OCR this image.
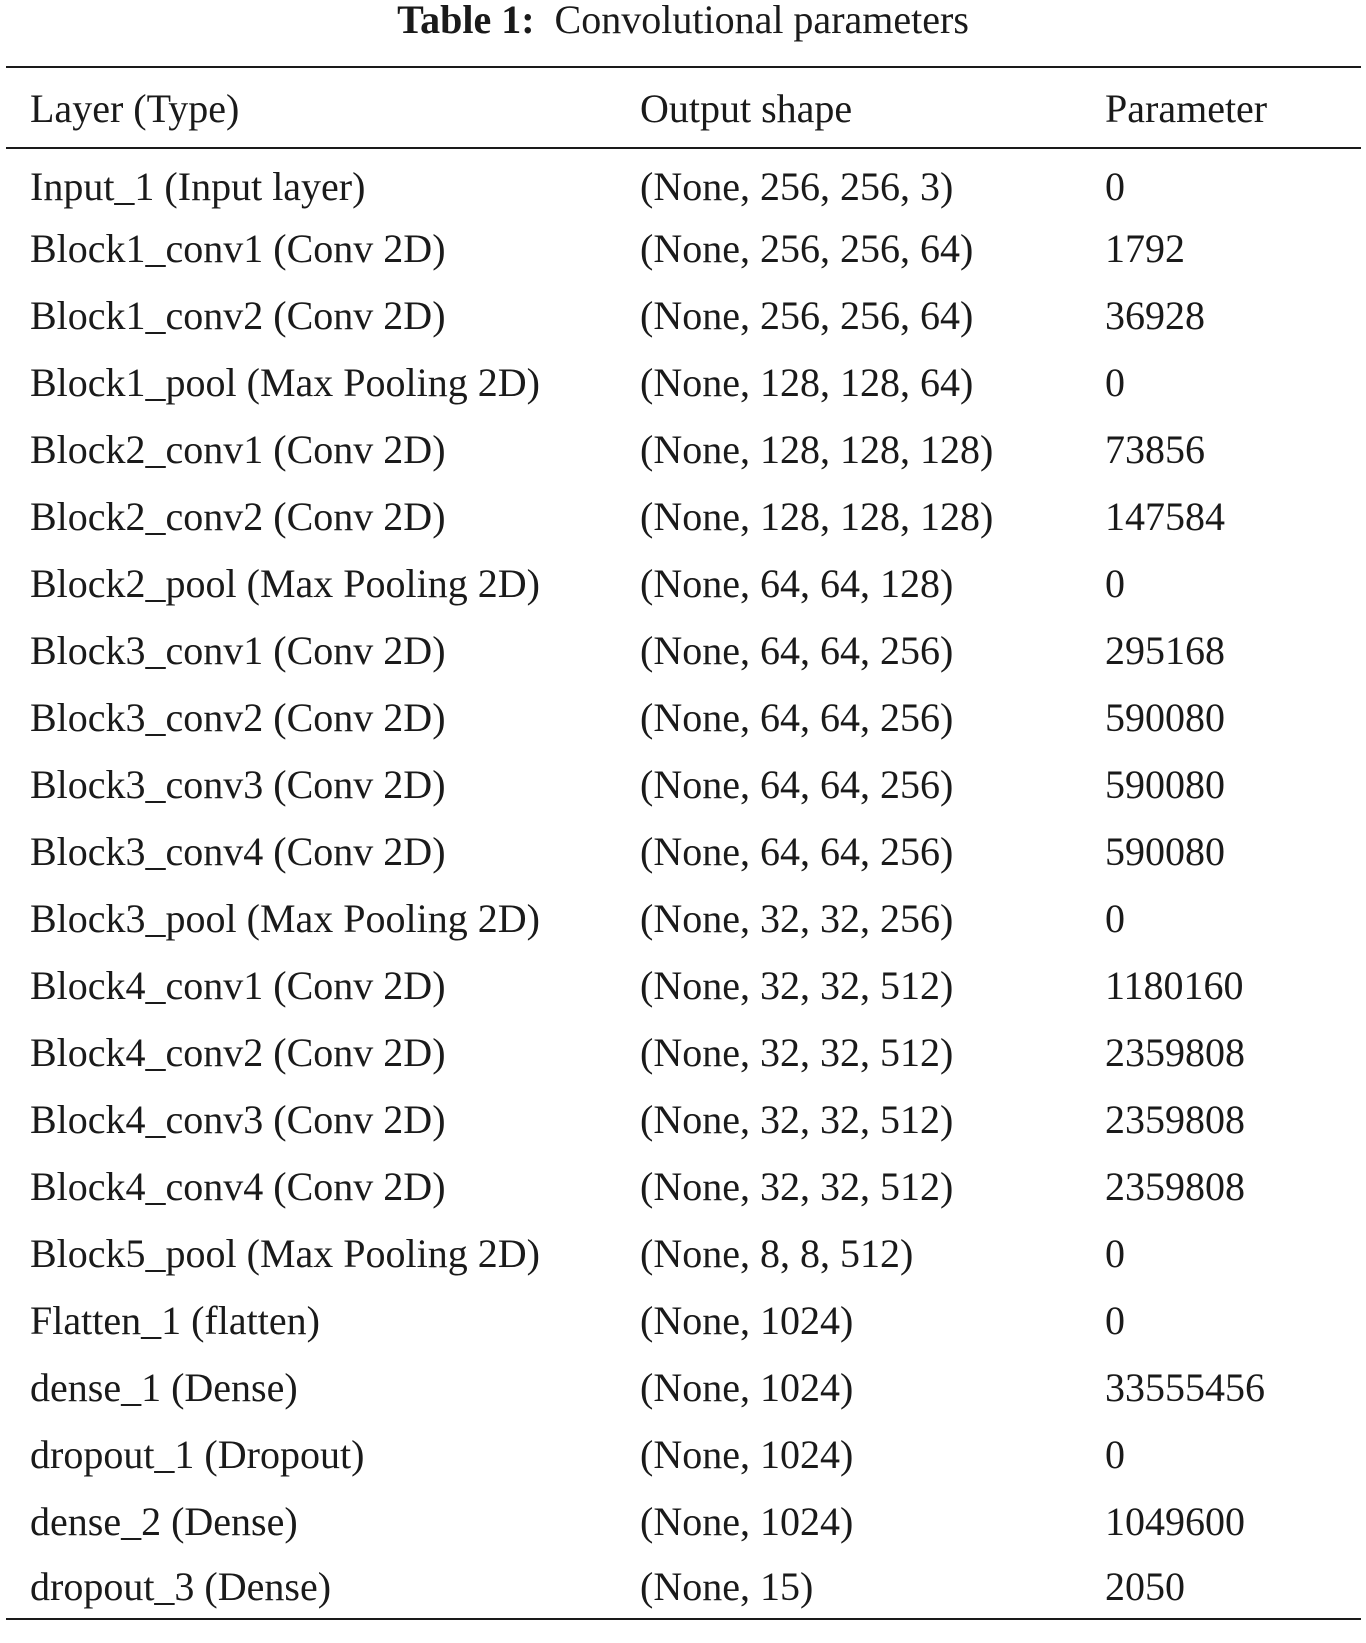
Table 1: Convolutional parameters
Layer (Type)	Output shape	Parameter
Input_1 (Input layer)	(None, 256, 256, 3)	0
Block1_conv1 (Conv 2D)	(None, 256, 256, 64)	1792
Block1_conv2 (Conv 2D)	(None, 256, 256, 64)	36928
Block1_pool (Max Pooling 2D)	(None, 128, 128, 64)	0
Block2_conv1 (Conv 2D)	(None, 128, 128, 128)	73856
Block2_conv2 (Conv 2D)	(None, 128, 128, 128)	147584
Block2_pool (Max Pooling 2D)	(None, 64, 64, 128)	0
Block3_conv1 (Conv 2D)	(None, 64, 64, 256)	295168
Block3_conv2 (Conv 2D)	(None, 64, 64, 256)	590080
Block3_conv3 (Conv 2D)	(None, 64, 64, 256)	590080
Block3_conv4 (Conv 2D)	(None, 64, 64, 256)	590080
Block3_pool (Max Pooling 2D)	(None, 32, 32, 256)	0
Block4_conv1 (Conv 2D)	(None, 32, 32, 512)	1180160
Block4_conv2 (Conv 2D)	(None, 32, 32, 512)	2359808
Block4_conv3 (Conv 2D)	(None, 32, 32, 512)	2359808
Block4_conv4 (Conv 2D)	(None, 32, 32, 512)	2359808
Block5_pool (Max Pooling 2D)	(None, 8, 8, 512)	0
Flatten_1 (flatten)	(None, 1024)	0
dense_1 (Dense)	(None, 1024)	33555456
dropout_1 (Dropout)	(None, 1024)	0
dense_2 (Dense)	(None, 1024)	1049600
dropout_3 (Dense)	(None, 15)	2050
